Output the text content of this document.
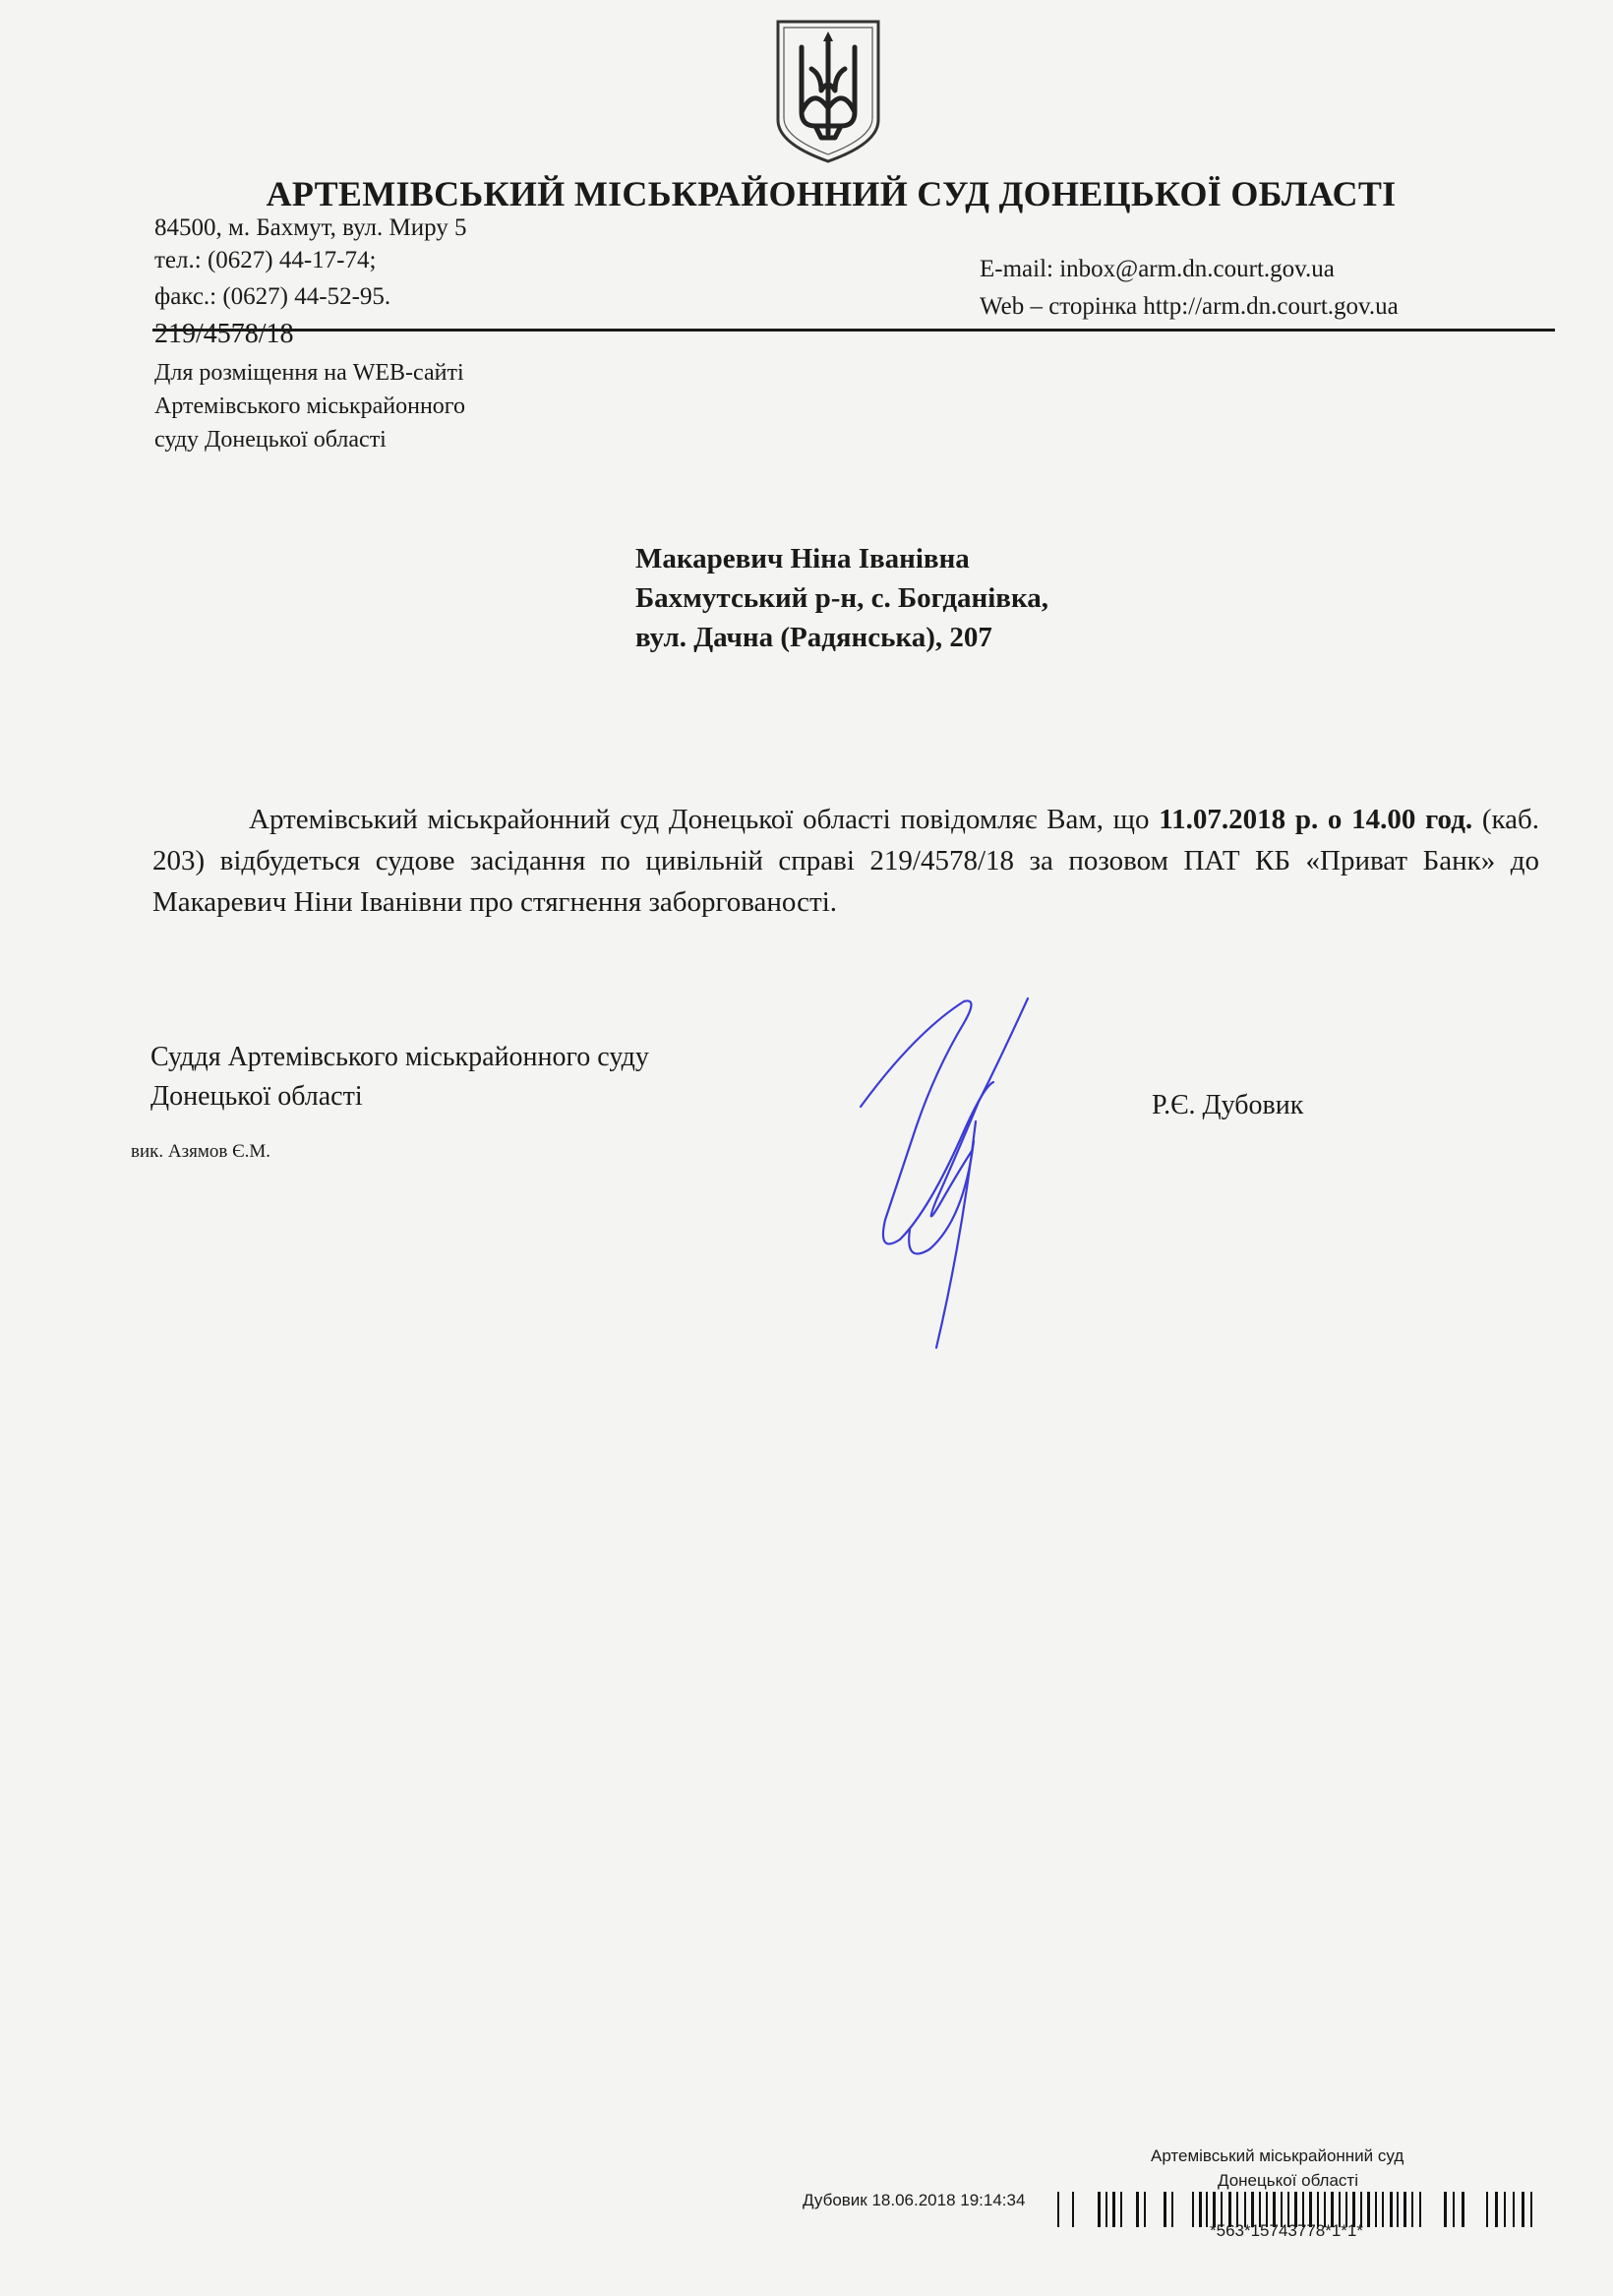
АРТЕМІВСЬКИЙ МІСЬКРАЙОННИЙ СУД ДОНЕЦЬКОЇ ОБЛАСТІ
84500, м. Бахмут, вул. Миру 5
тел.: (0627) 44-17-74;
факс.: (0627) 44-52-95.
E-mail: inbox@arm.dn.court.gov.ua
Web – сторінка http://arm.dn.court.gov.ua
219/4578/18
Для розміщення на WEB-сайті
Артемівського міськрайонного
суду Донецької області
Макаревич Ніна Іванівна
Бахмутський р-н, с. Богданівка,
вул. Дачна (Радянська), 207

Артемівський міськрайонний суд Донецької області повідомляє Вам, що 11.07.2018 р. о 14.00 год. (каб. 203) відбудеться судове засідання по цивільній справі 219/4578/18 за позовом ПАТ КБ «Приват Банк» до Макаревич Ніни Іванівни про стягнення заборгованості.

Суддя Артемівського міськрайонного суду
Донецької області
вик. Азямов Є.М.
Р.Є. Дубовик
Артемівський міськрайонний суд
Донецької області
Дубовик 18.06.2018 19:14:34
*563*15743778*1*1*
